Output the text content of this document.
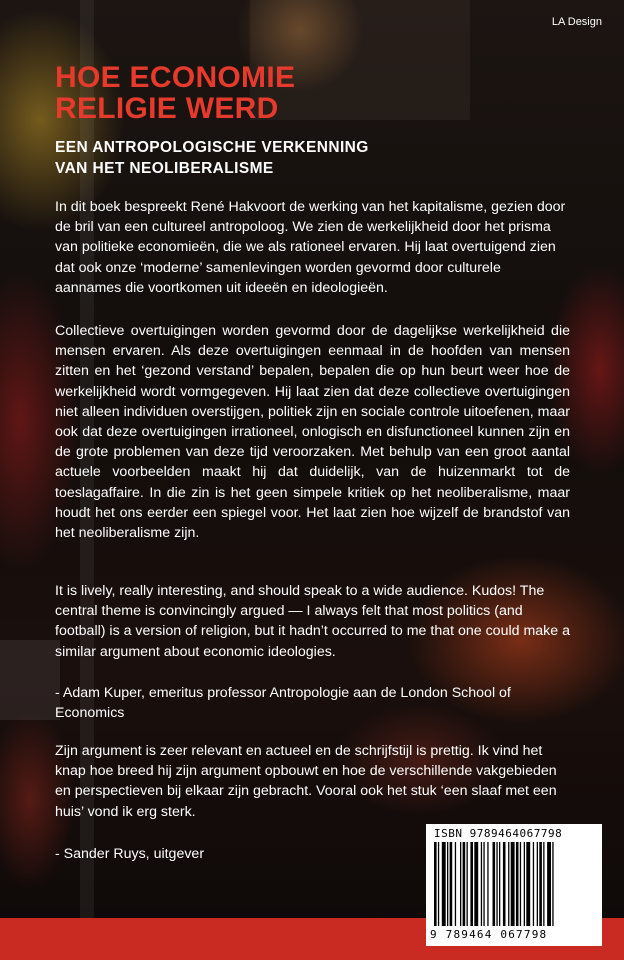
LA Design
HOE ECONOMIE
RELIGIE WERD
EEN ANTROPOLOGISCHE VERKENNING
VAN HET NEOLIBERALISME

In dit boek bespreekt René Hakvoort de werking van het kapitalisme, gezien door de bril van een cultureel antropoloog. We zien de werkelijkheid door het prisma van politieke economieën, die we als rationeel ervaren. Hij laat overtuigend zien dat ook onze ‘moderne’ samenlevingen worden gevormd door culturele aannames die voortkomen uit ideeën en ideologieën.

Collectieve overtuigingen worden gevormd door de dagelijkse werkelijkheid die mensen ervaren. Als deze overtuigingen eenmaal in de hoofden van mensen zitten en het ‘gezond verstand’ bepalen, bepalen die op hun beurt weer hoe de werkelijkheid wordt vormgegeven. Hij laat zien dat deze collectieve overtuigingen niet alleen individuen overstijgen, politiek zijn en sociale controle uitoefenen, maar ook dat deze overtuigingen irrationeel, onlogisch en disfunctioneel kunnen zijn en de grote problemen van deze tijd veroorzaken. Met behulp van een groot aantal actuele voorbeelden maakt hij dat duidelijk, van de huizenmarkt tot de toeslagaffaire. In die zin is het geen simpele kritiek op het neoliberalisme, maar houdt het ons eerder een spiegel voor. Het laat zien hoe wijzelf de brandstof van het neoliberalisme zijn.

It is lively, really interesting, and should speak to a wide audience. Kudos! The central theme is convincingly argued — I always felt that most politics (and football) is a version of religion, but it hadn’t occurred to me that one could make a similar argument about economic ideologies.

- Adam Kuper, emeritus professor Antropologie aan de London School of Economics

Zijn argument is zeer relevant en actueel en de schrijfstijl is prettig. Ik vind het knap hoe breed hij zijn argument opbouwt en hoe de verschillende vakgebieden en perspectieven bij elkaar zijn gebracht. Vooral ook het stuk ‘een slaaf met een huis’ vond ik erg sterk.

- Sander Ruys, uitgever

ISBN 9789464067798
9 789464 067798
